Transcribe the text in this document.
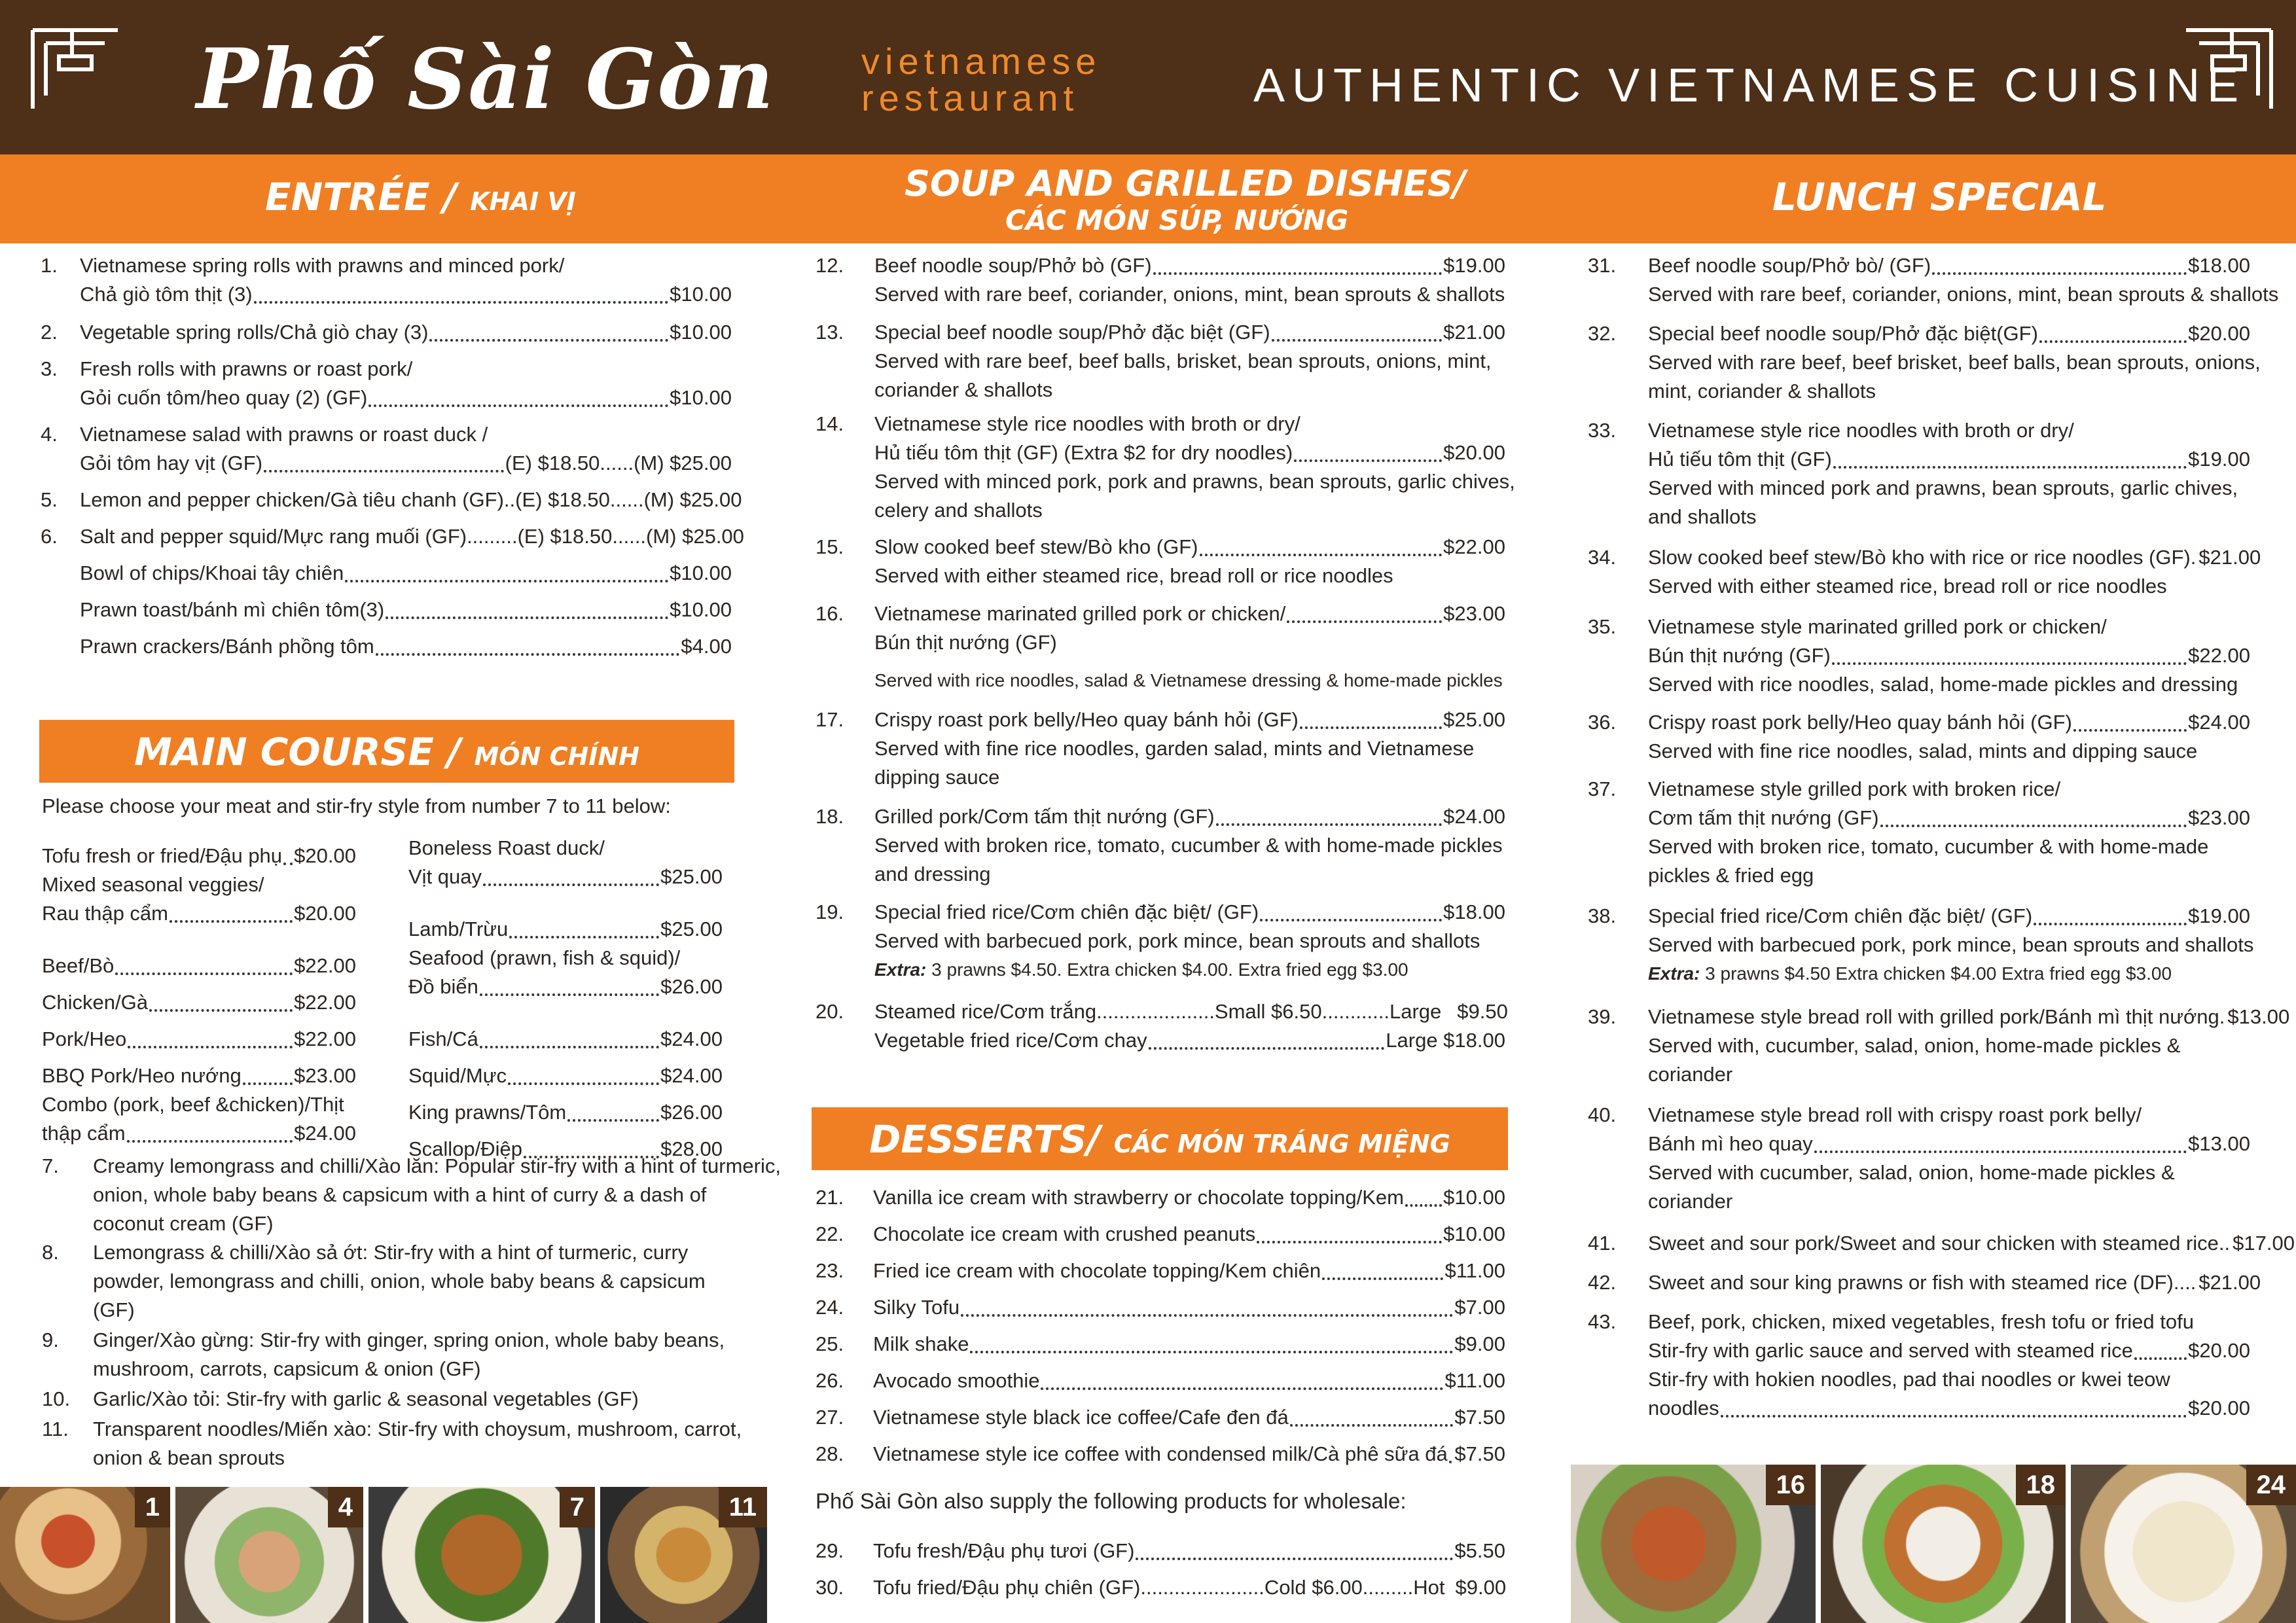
Phố Sài Gòn vietnamese
restaurant	AUTHENTIC VIETNAMESE CUISINE
ENTRÉE / KHAI VỊ	SOUP AND GRILLED DISHES/
CÁC MÓN SÚP, NƯỚNG
LUNCH SPECIAL
1. Vietnamese spring rolls with prawns and minced pork/
Chả giò tôm thịt (3)	$10.00
2. Vegetable spring rolls/Chả giò chay (3)	$10.00
3. Fresh rolls with prawns or roast pork/
Gỏi cuốn tôm/heo quay (2) (GF)	$10.00
4. Vietnamese salad with prawns or roast duck /
Gỏi tôm hay vịt (GF)	(E) $18.50......(M) $25.00
5. Lemon and pepper chicken/Gà tiêu chanh (GF)..(E) $18.50......(M) $25.00
6. Salt and pepper squid/Mực rang muối (GF).........(E) $18.50......(M) $25.00
Bowl of chips/Khoai tây chiên	$10.00
Prawn toast/bánh mì chiên tôm(3)	$10.00
Prawn crackers/Bánh phồng tôm	$4.00
MAIN COURSE / MÓN CHÍNH
Please choose your meat and stir-fry style from number 7 to 11 below:
Tofu fresh or fried/Đậu phụ $20.00
Mixed seasonal veggies/
Rau thập cẩm	$20.00
Beef/Bò	$22.00
Chicken/Gà	$22.00
Pork/Heo	$22.00
BBQ Pork/Heo nướng	$23.00
Combo (pork, beef &chicken)/Thịt
thập cẩm	$24.00
Boneless Roast duck/
Vịt quay	$25.00
Lamb/Trừu	$25.00
Seafood (prawn, fish & squid)/
Đồ biển	$26.00
Fish/Cá	$24.00
Squid/Mực	$24.00
King prawns/Tôm	$26.00
Scallop/Điệp	$28.00
7. Creamy lemongrass and chilli/Xào lăn: Popular stir-fry with a hint of turmeric,
onion, whole baby beans & capsicum with a hint of curry & a dash of
coconut cream (GF)
8. Lemongrass & chilli/Xào sả ớt: Stir-fry with a hint of turmeric, curry
powder, lemongrass and chilli, onion, whole baby beans & capsicum
(GF)
9. Ginger/Xào gừng: Stir-fry with ginger, spring onion, whole baby beans,
mushroom, carrots, capsicum & onion (GF)
10. Garlic/Xào tỏi: Stir-fry with garlic & seasonal vegetables (GF)
11. Transparent noodles/Miến xào: Stir-fry with choysum, mushroom, carrot,
onion & bean sprouts
12. Beef noodle soup/Phở bò (GF)	$19.00
Served with rare beef, coriander, onions, mint, bean sprouts & shallots
13. Special beef noodle soup/Phở đặc biệt (GF)	$21.00
Served with rare beef, beef balls, brisket, bean sprouts, onions, mint,
coriander & shallots
14. Vietnamese style rice noodles with broth or dry/
Hủ tiếu tôm thịt (GF) (Extra $2 for dry noodles)	$20.00
Served with minced pork, pork and prawns, bean sprouts, garlic chives,
celery and shallots
15. Slow cooked beef stew/Bò kho (GF)	$22.00
Served with either steamed rice, bread roll or rice noodles
16. Vietnamese marinated grilled pork or chicken/	$23.00
Bún thịt nướng (GF)
Served with rice noodles, salad & Vietnamese dressing & home-made pickles
17. Crispy roast pork belly/Heo quay bánh hỏi (GF)	$25.00
Served with fine rice noodles, garden salad, mints and Vietnamese
dipping sauce
18. Grilled pork/Cơm tấm thịt nướng (GF)	$24.00
Served with broken rice, tomato, cucumber & with home-made pickles
and dressing
19. Special fried rice/Cơm chiên đặc biệt/ (GF)	$18.00
Served with barbecued pork, pork mince, bean sprouts and shallots
Extra: 3 prawns $4.50. Extra chicken $4.00. Extra fried egg $3.00
20. Steamed rice/Cơm trắng.....................Small $6.50............Large $9.50
Vegetable fried rice/Cơm chay	Large $18.00
DESSERTS/ CÁC MÓN TRÁNG MIỆNG
21.	Vanilla ice cream with strawberry or chocolate topping/Kem $10.00
22.	Chocolate ice cream with crushed peanuts	$10.00
23.	Fried ice cream with chocolate topping/Kem chiên	$11.00
24.	Silky Tofu	$7.00
25.	Milk shake	$9.00
26.	Avocado smoothie	$11.00
27.	Vietnamese style black ice coffee/Cafe đen đá	$7.50
28.	Vietnamese style ice coffee with condensed milk/Cà phê sữa đá $7.50
Phố Sài Gòn also supply the following products for wholesale:
29.	Tofu fresh/Đậu phụ tươi (GF)	$5.50
30.	Tofu fried/Đậu phụ chiên (GF)......................Cold $6.00.........Hot $9.00
31. Beef noodle soup/Phở bò/ (GF)	$18.00
Served with rare beef, coriander, onions, mint, bean sprouts & shallots
32. Special beef noodle soup/Phở đặc biệt(GF)	$20.00
Served with rare beef, beef brisket, beef balls, bean sprouts, onions,
mint, coriander & shallots
33. Vietnamese style rice noodles with broth or dry/
Hủ tiếu tôm thịt (GF)	$19.00
Served with minced pork and prawns, bean sprouts, garlic chives,
and shallots
34. Slow cooked beef stew/Bò kho with rice or rice noodles (GF). $21.00
Served with either steamed rice, bread roll or rice noodles
35. Vietnamese style marinated grilled pork or chicken/
Bún thịt nướng (GF)	$22.00
Served with rice noodles, salad, home-made pickles and dressing
36. Crispy roast pork belly/Heo quay bánh hỏi (GF)	$24.00
Served with fine rice noodles, salad, mints and dipping sauce
37. Vietnamese style grilled pork with broken rice/
Cơm tấm thịt nướng (GF)	$23.00
Served with broken rice, tomato, cucumber & with home-made
pickles & fried egg
38. Special fried rice/Cơm chiên đặc biệt/ (GF)	$19.00
Served with barbecued pork, pork mince, bean sprouts and shallots
Extra: 3 prawns $4.50 Extra chicken $4.00 Extra fried egg $3.00
39. Vietnamese style bread roll with grilled pork/Bánh mì thịt nướng. $13.00
Served with, cucumber, salad, onion, home-made pickles &
coriander
40. Vietnamese style bread roll with crispy roast pork belly/
Bánh mì heo quay	$13.00
Served with cucumber, salad, onion, home-made pickles &
coriander
41. Sweet and sour pork/Sweet and sour chicken with steamed rice.. $17.00
42. Sweet and sour king prawns or fish with steamed rice (DF).... $21.00
43. Beef, pork, chicken, mixed vegetables, fresh tofu or fried tofu
Stir-fry with garlic sauce and served with steamed rice	$20.00
Stir-fry with hokien noodles, pad thai noodles or kwei teow
noodles	$20.00
1	4	7	11
16	18	24
